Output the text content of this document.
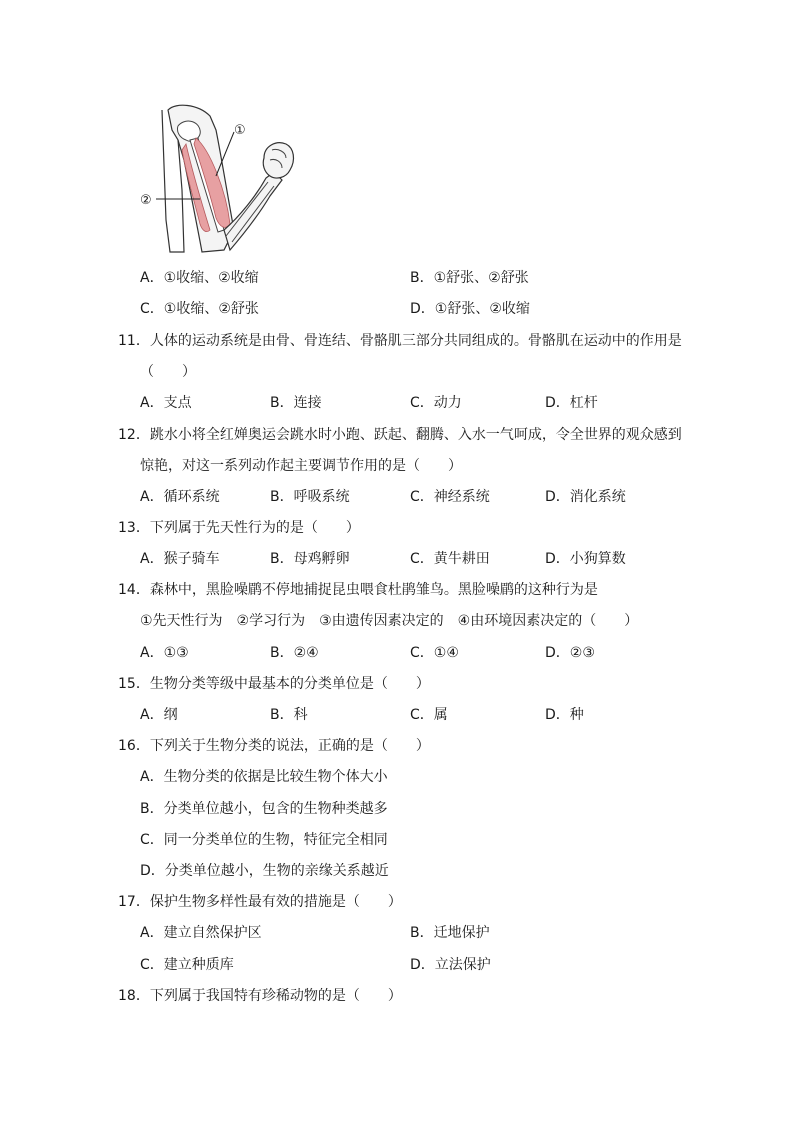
①
②
A．①收缩、②收缩	B．①舒张、②舒张
C．①收缩、②舒张	D．①舒张、②收缩
11．人体的运动系统是由骨、骨连结、骨骼肌三部分共同组成的。骨骼肌在运动中的作用是
（　　）
A．支点	B．连接	C．动力	D．杠杆
12．跳水小将全红婵奥运会跳水时小跑、跃起、翻腾、入水一气呵成，令全世界的观众感到
惊艳，对这一系列动作起主要调节作用的是（　　）
A．循环系统	B．呼吸系统	C．神经系统	D．消化系统
13．下列属于先天性行为的是（　　）
A．猴子骑车	B．母鸡孵卵	C．黄牛耕田	D．小狗算数
14．森林中，黑脸噪鹛不停地捕捉昆虫喂食杜鹃雏鸟。黑脸噪鹛的这种行为是
①先天性行为　②学习行为　③由遗传因素决定的　④由环境因素决定的（　　）
A．①③	B．②④	C．①④	D．②③
15．生物分类等级中最基本的分类单位是（　　）
A．纲	B．科	C．属	D．种
16．下列关于生物分类的说法，正确的是（　　）
A．生物分类的依据是比较生物个体大小
B．分类单位越小，包含的生物种类越多
C．同一分类单位的生物，特征完全相同
D．分类单位越小，生物的亲缘关系越近
17．保护生物多样性最有效的措施是（　　）
A．建立自然保护区	B．迁地保护
C．建立种质库	D．立法保护
18．下列属于我国特有珍稀动物的是（　　）
